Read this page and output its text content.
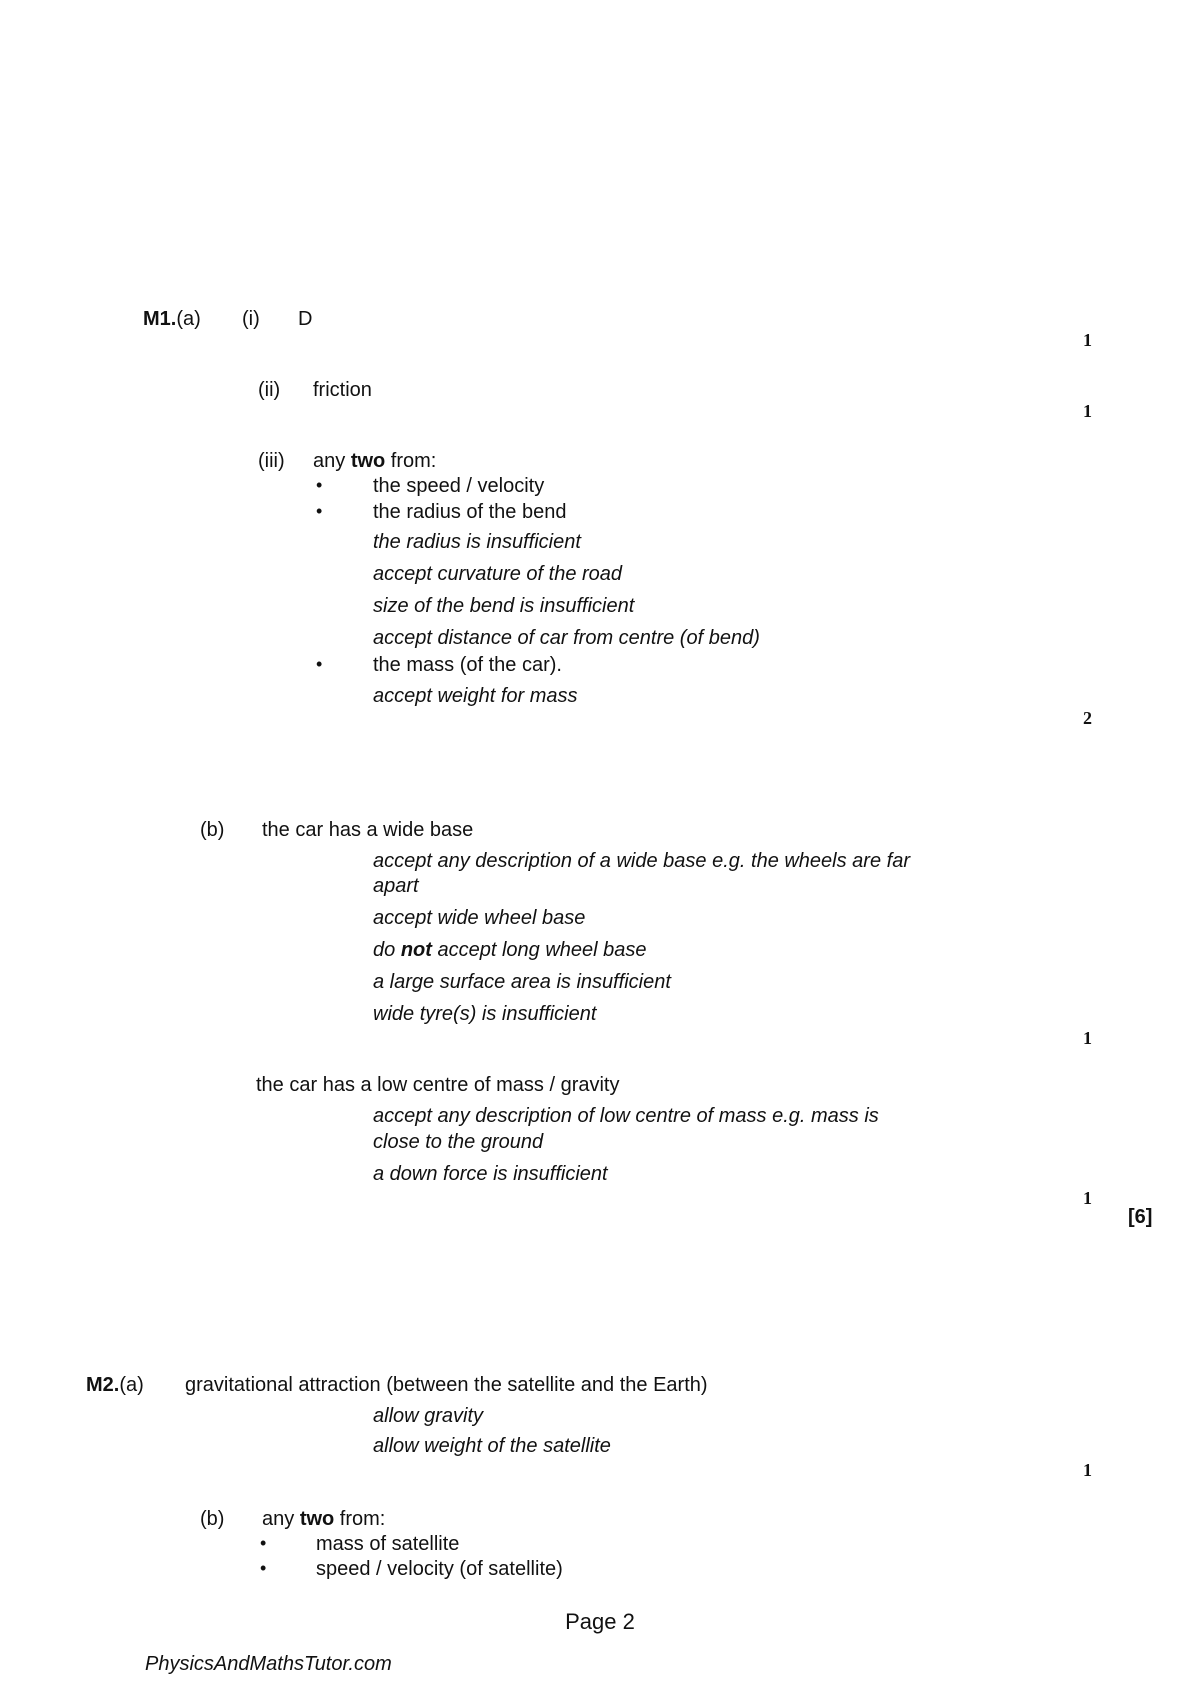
M1.(a) (i) D
1
(ii) friction
1
(iii) any two from:
•	the speed / velocity
•	the radius of the bend
the radius is insufficient
accept curvature of the road
size of the bend is insufficient
accept distance of car from centre (of bend)
•	the mass (of the car).
accept weight for mass
2
(b) the car has a wide base
accept any description of a wide base e.g. the wheels are far
apart
accept wide wheel base
do not accept long wheel base
a large surface area is insufficient
wide tyre(s) is insufficient
1
the car has a low centre of mass / gravity
accept any description of low centre of mass e.g. mass is
close to the ground
a down force is insufficient
1
[6]
M2.(a) gravitational attraction (between the satellite and the Earth)
allow gravity
allow weight of the satellite
1
(b) any two from:
• mass of satellite
• speed / velocity (of satellite)
Page 2
PhysicsAndMathsTutor.com
